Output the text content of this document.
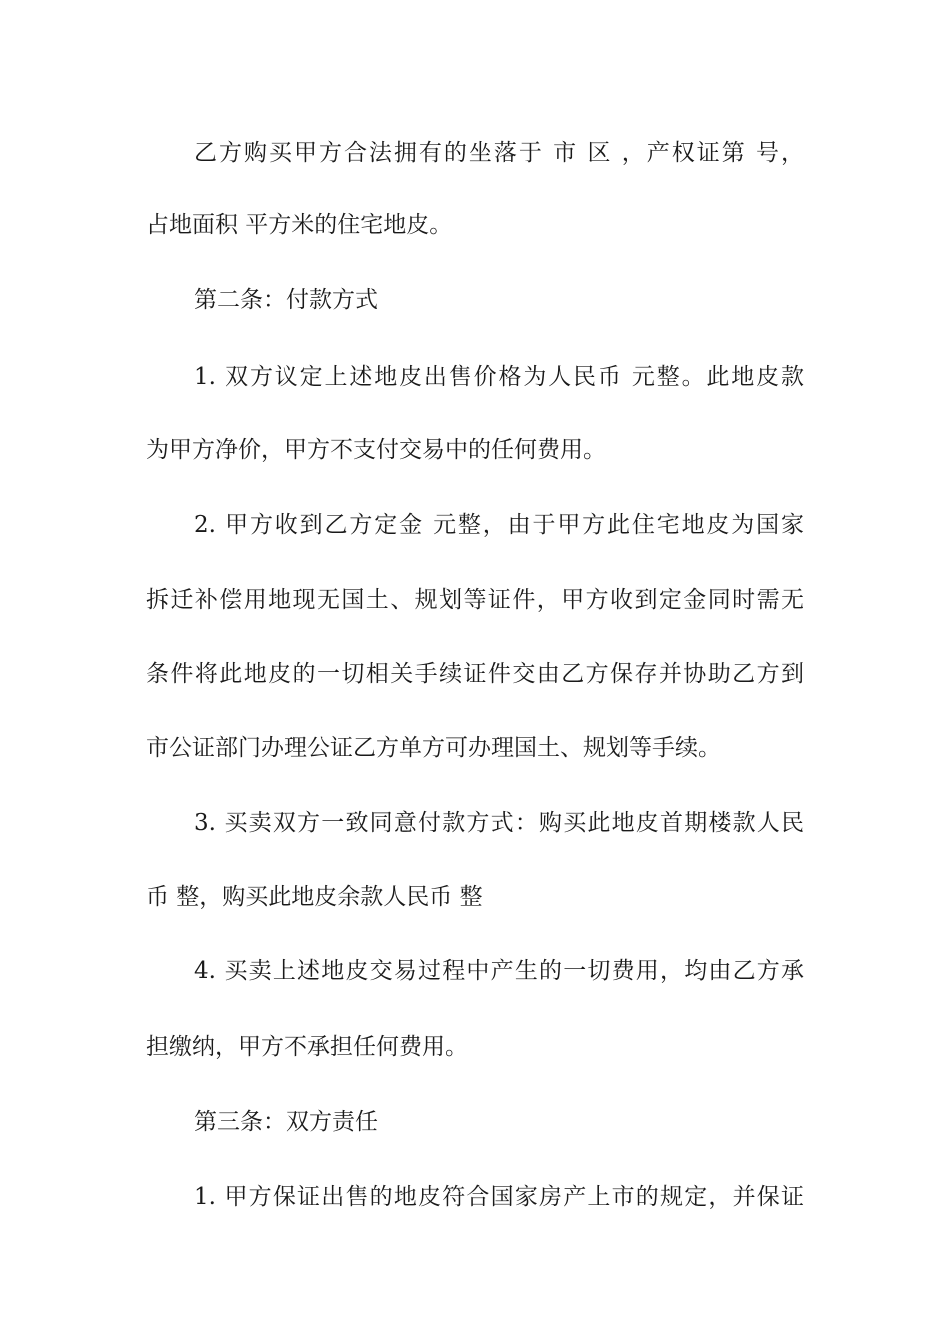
乙方购买甲方合法拥有的坐落于 市 区 ，产权证第 号，
占地面积 平方米的住宅地皮。
第二条：付款方式
1. 双方议定上述地皮出售价格为人民币 元整。此地皮款
为甲方净价，甲方不支付交易中的任何费用。
2. 甲方收到乙方定金 元整，由于甲方此住宅地皮为国家
拆迁补偿用地现无国土、规划等证件，甲方收到定金同时需无
条件将此地皮的一切相关手续证件交由乙方保存并协助乙方到
市公证部门办理公证乙方单方可办理国土、规划等手续。
3. 买卖双方一致同意付款方式：购买此地皮首期楼款人民
币 整，购买此地皮余款人民币 整
4. 买卖上述地皮交易过程中产生的一切费用，均由乙方承
担缴纳，甲方不承担任何费用。
第三条：双方责任
1. 甲方保证出售的地皮符合国家房产上市的规定，并保证
